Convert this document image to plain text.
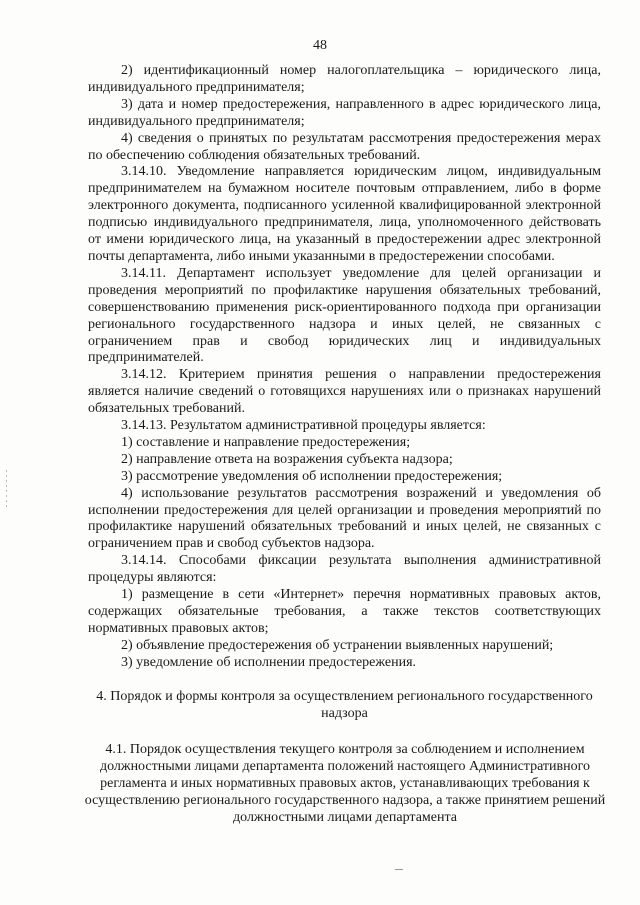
48

2) идентификационный номер налогоплательщика – юридического лица, индивидуального предпринимателя;

3) дата и номер предостережения, направленного в адрес юридического лица, индивидуального предпринимателя;

4) сведения о принятых по результатам рассмотрения предостережения мерах по обеспечению соблюдения обязательных требований.

3.14.10. Уведомление направляется юридическим лицом, индивидуальным предпринимателем на бумажном носителе почтовым отправлением, либо в форме электронного документа, подписанного усиленной квалифицированной электронной подписью индивидуального предпринимателя, лица, уполномоченного действовать от имени юридического лица, на указанный в предостережении адрес электронной почты департамента, либо иными указанными в предостережении способами.

3.14.11. Департамент использует уведомление для целей организации и проведения мероприятий по профилактике нарушения обязательных требований, совершенствованию применения риск-ориентированного подхода при организации регионального государственного надзора и иных целей, не связанных с ограничением прав и свобод юридических лиц и индивидуальных предпринимателей.

3.14.12. Критерием принятия решения о направлении предостережения является наличие сведений о готовящихся нарушениях или о признаках нарушений обязательных требований.

3.14.13. Результатом административной процедуры является:

1) составление и направление предостережения;

2) направление ответа на возражения субъекта надзора;

3) рассмотрение уведомления об исполнении предостережения;

4) использование результатов рассмотрения возражений и уведомления об исполнении предостережения для целей организации и проведения мероприятий по профилактике нарушений обязательных требований и иных целей, не связанных с ограничением прав и свобод субъектов надзора.

3.14.14. Способами фиксации результата выполнения административной процедуры являются:

1) размещение в сети «Интернет» перечня нормативных правовых актов, содержащих обязательные требования, а также текстов соответствующих нормативных правовых актов;

2) объявление предостережения об устранении выявленных нарушений;

3) уведомление об исполнении предостережения.

4. Порядок и формы контроля за осуществлением регионального государственного надзора

4.1. Порядок осуществления текущего контроля за соблюдением и исполнением должностными лицами департамента положений настоящего Административного регламента и иных нормативных правовых актов, устанавливающих требования к осуществлению регионального государственного надзора, а также принятием решений должностными лицами департамента
